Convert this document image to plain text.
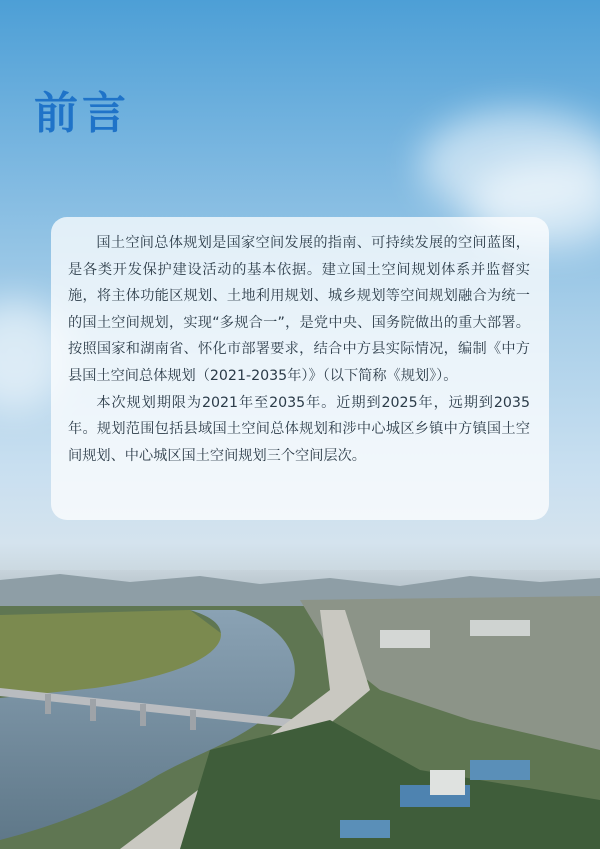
前言

国土空间总体规划是国家空间发展的指南、可持续发展的空间蓝图，是各类开发保护建设活动的基本依据。建立国土空间规划体系并监督实施，将主体功能区规划、土地利用规划、城乡规划等空间规划融合为统一的国土空间规划，实现“多规合一”，是党中央、国务院做出的重大部署。按照国家和湖南省、怀化市部署要求，结合中方县实际情况，编制《中方县国土空间总体规划（2021-2035年）》（以下简称《规划》）。

本次规划期限为2021年至2035年。近期到2025年，远期到2035年。规划范围包括县域国土空间总体规划和涉中心城区乡镇中方镇国土空间规划、中心城区国土空间规划三个空间层次。
